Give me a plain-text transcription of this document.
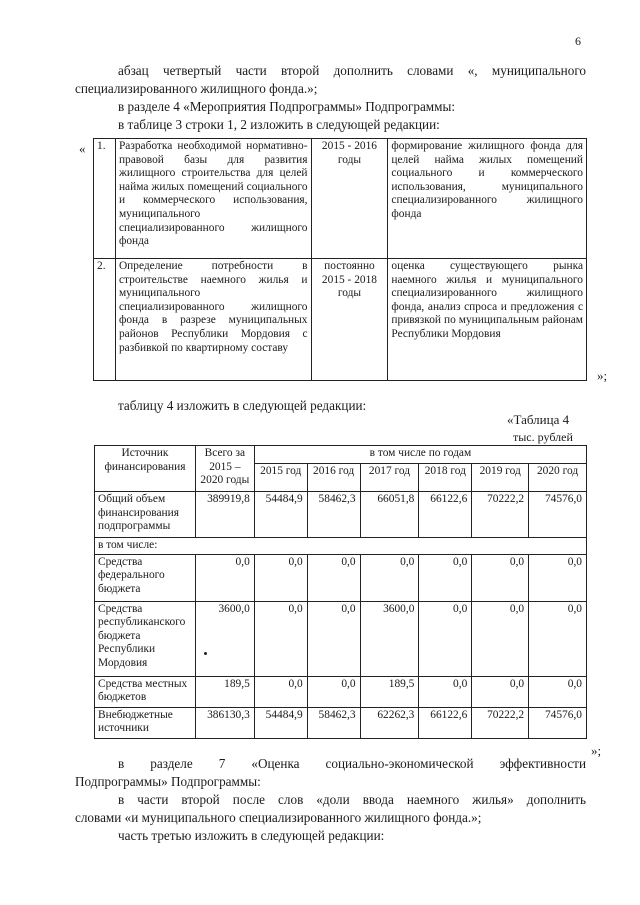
6

абзац четвертый части второй дополнить словами «, муниципального

специализированного жилищного фонда.»;

в разделе 4 «Мероприятия Подпрограммы» Подпрограммы:

в таблице 3 строки 1, 2 изложить в следующей редакции:

« 1.	Разработка необходимой нормативно-правовой базы для развития жилищного строительства для целей найма жилых помещений социального и коммерческого использования, муниципального специализированного жилищного фонда	2015 - 2016 годы	формирование жилищного фонда для целей найма жилых помещений социального и коммерческого использования, муниципального специализированного жилищного фонда
2.	Определение потребности в строительстве наемного жилья и муниципального специализированного жилищного фонда в разрезе муниципальных районов Республики Мордовия с разбивкой по квартирному составу	постоянно 2015 - 2018 годы	оценка существующего рынка наемного жилья и муниципального специализированного жилищного фонда, анализ спроса и предложения с привязкой по муниципальным районам Республики Мордовия
»;

таблицу 4 изложить в следующей редакции:

«Таблица 4
тыс. рублей
Источник финансирования	Всего за 2015 – 2020 годы	в том числе по годам					
		2015 год	2016 год	2017 год	2018 год	2019 год	2020 год
Общий объем финансирования подпрограммы	389919,8	54484,9	58462,3	66051,8	66122,6	70222,2	74576,0
в том числе:							
Средства федерального бюджета	0,0	0,0	0,0	0,0	0,0	0,0	0,0
Средства республиканского бюджета Республики Мордовия	3600,0	0,0	0,0	3600,0	0,0	0,0	0,0
Средства местных бюджетов	189,5	0,0	0,0	189,5	0,0	0,0	0,0
Внебюджетные источники	386130,3	54484,9	58462,3	62262,3	66122,6	70222,2	74576,0
»;

в разделе 7 «Оценка социально-экономической эффективности

Подпрограммы» Подпрограммы:

в части второй после слов «доли ввода наемного жилья» дополнить

словами «и муниципального специализированного жилищного фонда.»;

часть третью изложить в следующей редакции:
